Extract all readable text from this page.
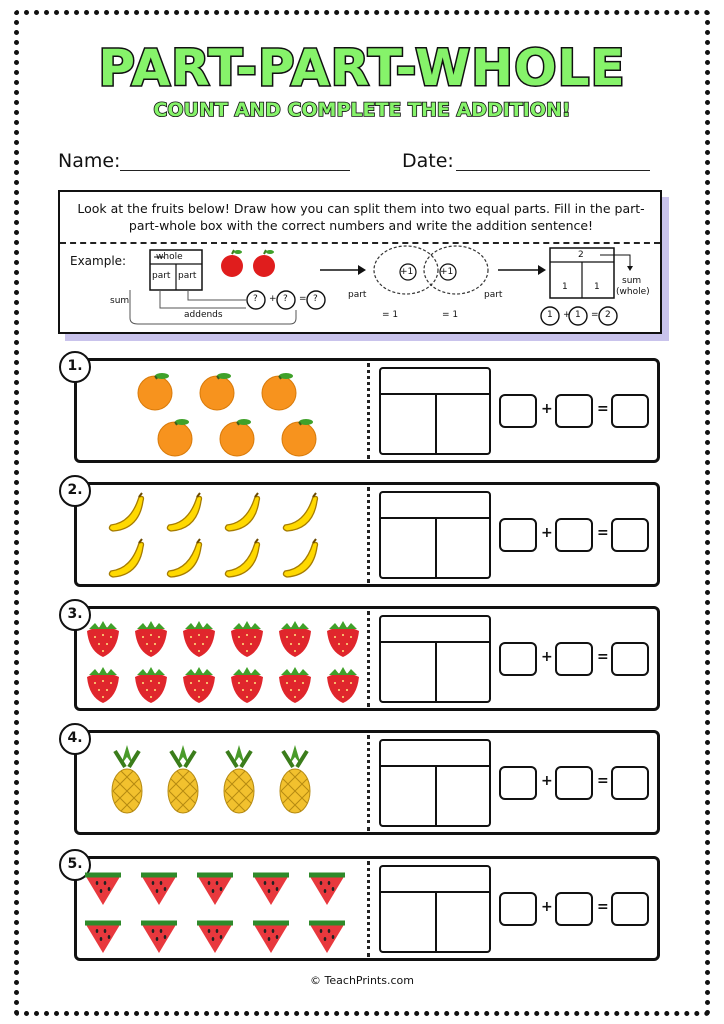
PART-PART-WHOLE
COUNT AND COMPLETE THE ADDITION!
Name:	Date:
Look at the fruits below! Draw how you can split them into two equal parts. Fill in the part-part-whole box with the correct numbers and write the addition sentence!
Example:	whole
part part
sum
addends
? + ? = ?
+1	+1
part	part
= 1	= 1
2
1	1
sum
(whole)
1 1	2
+ =
1.
+	=
2.
+	=
3.
+	=
4.
+	=
5.
+	=
© TeachPrints.com
